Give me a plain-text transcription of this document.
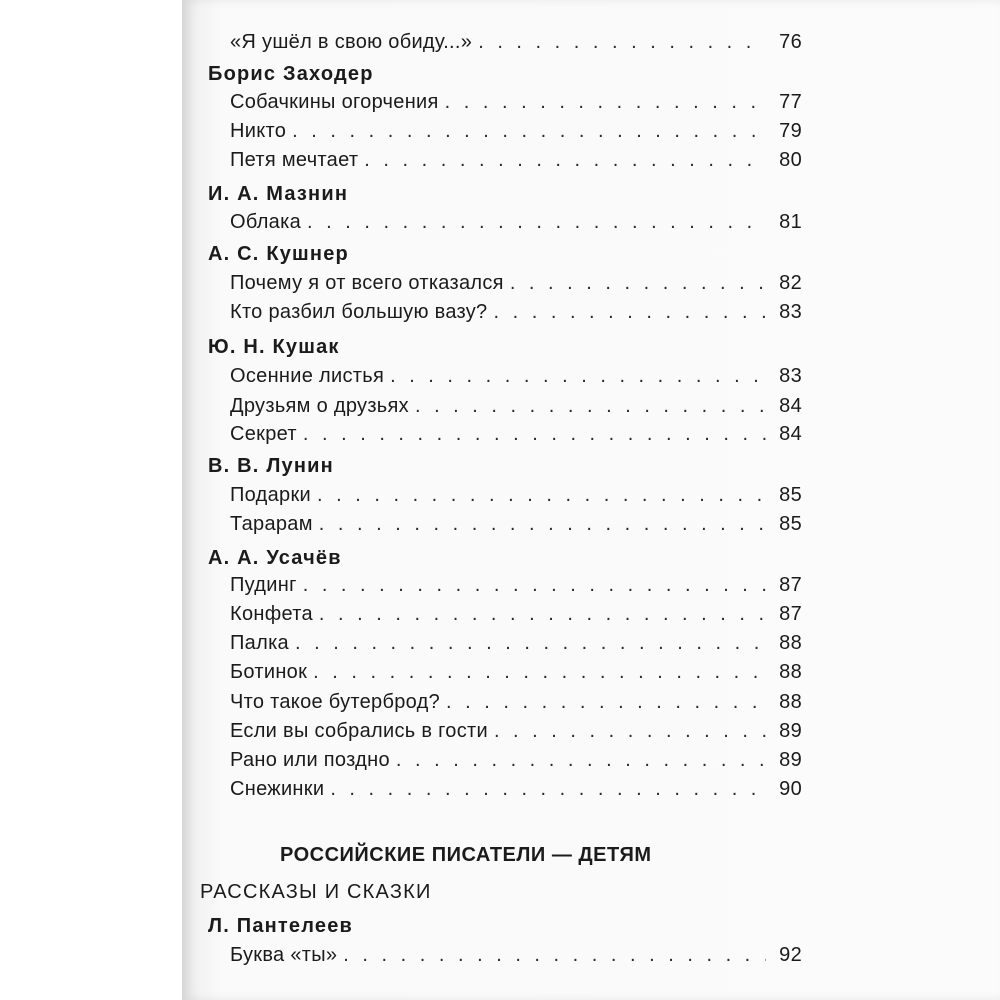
«Я ушёл в свою обиду...» . . .	76
Борис Заходер
Собачкины огорчения . . .	77
Никто . . .	79
Петя мечтает . . .	80
И. А. Мазнин
Облака . . .	81
А. С. Кушнер
Почему я от всего отказался . . .	82
Кто разбил большую вазу? . . .	83
Ю. Н. Кушак
Осенние листья . . .	83
Друзьям о друзьях . . .	84
Секрет . . .	84
В. В. Лунин
Подарки . . .	85
Тарарам . . .	85
А. А. Усачёв
Пудинг . . .	87
Конфета . . .	87
Палка . . .	88
Ботинок . . .	88
Что такое бутерброд? . . .	88
Если вы собрались в гости . . .	89
Рано или поздно . . .	89
Снежинки . . .	90
РОССИЙСКИЕ ПИСАТЕЛИ — ДЕТЯМ
РАССКАЗЫ И СКАЗКИ
Л. Пантелеев
Буква «ты» . . .	92
